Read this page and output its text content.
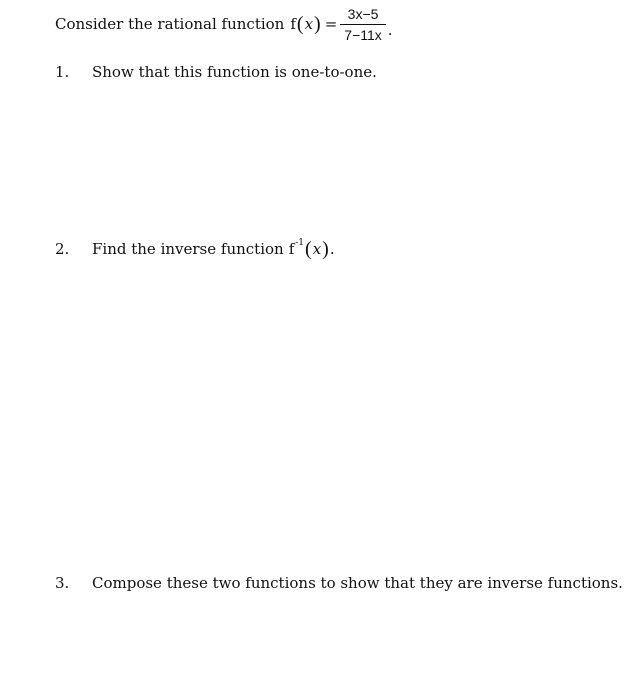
Consider the rational function f ( x ) = $\frac{3x-5}{7-11x}$ .
1.	Show that this function is one-to-one.
2.	Find the inverse function f -1 ( x ) .
3.	Compose these two functions to show that they are inverse functions.
